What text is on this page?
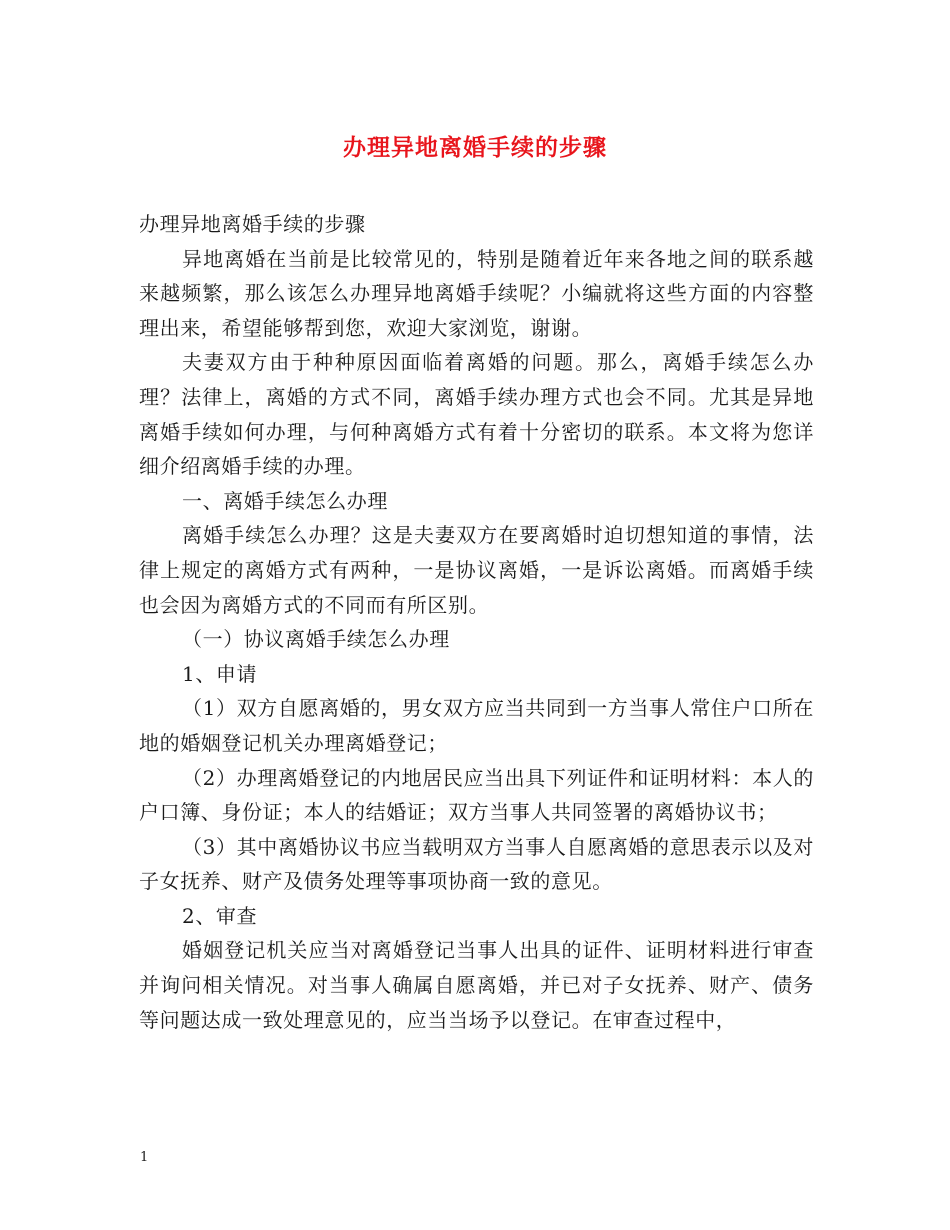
办理异地离婚手续的步骤

办理异地离婚手续的步骤

异地离婚在当前是比较常见的，特别是随着近年来各地之间的联系越来越频繁，那么该怎么办理异地离婚手续呢？小编就将这些方面的内容整理出来，希望能够帮到您，欢迎大家浏览，谢谢。

夫妻双方由于种种原因面临着离婚的问题。那么，离婚手续怎么办理？法律上，离婚的方式不同，离婚手续办理方式也会不同。尤其是异地离婚手续如何办理，与何种离婚方式有着十分密切的联系。本文将为您详细介绍离婚手续的办理。

一、离婚手续怎么办理

离婚手续怎么办理？这是夫妻双方在要离婚时迫切想知道的事情，法律上规定的离婚方式有两种，一是协议离婚，一是诉讼离婚。而离婚手续也会因为离婚方式的不同而有所区别。

（一）协议离婚手续怎么办理

1、申请

（1）双方自愿离婚的，男女双方应当共同到一方当事人常住户口所在地的婚姻登记机关办理离婚登记；

（2）办理离婚登记的内地居民应当出具下列证件和证明材料：本人的户口簿、身份证；本人的结婚证；双方当事人共同签署的离婚协议书；

（3）其中离婚协议书应当载明双方当事人自愿离婚的意思表示以及对子女抚养、财产及债务处理等事项协商一致的意见。

2、审查

婚姻登记机关应当对离婚登记当事人出具的证件、证明材料进行审查并询问相关情况。对当事人确属自愿离婚，并已对子女抚养、财产、债务等问题达成一致处理意见的，应当当场予以登记。在审查过程中，

1
